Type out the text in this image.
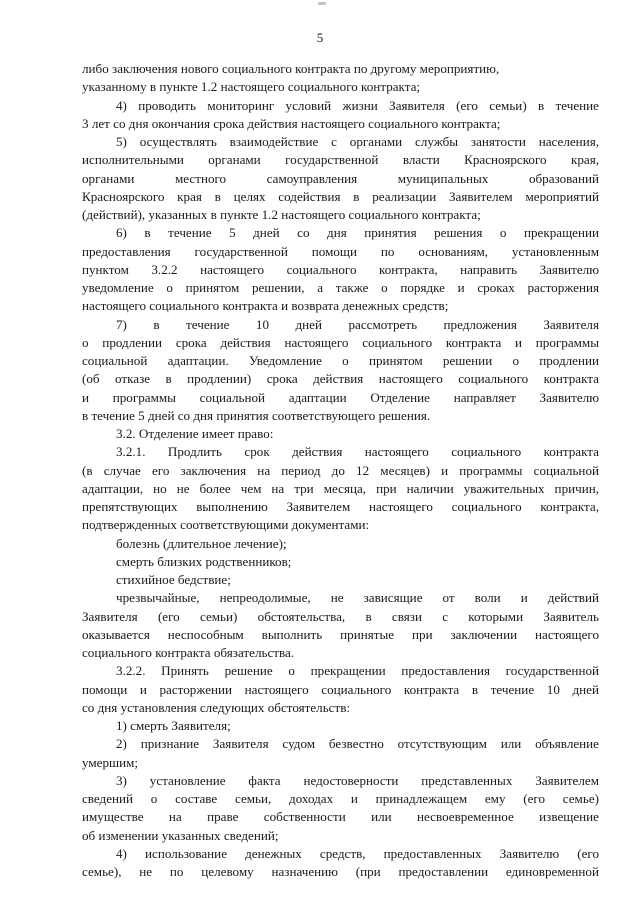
5
либо заключения нового социального контракта по другому мероприятию,
указанному в пункте 1.2 настоящего социального контракта;
4) проводить мониторинг условий жизни Заявителя (его семьи) в течение
3 лет со дня окончания срока действия настоящего социального контракта;
5) осуществлять взаимодействие с органами службы занятости населения,
исполнительными органами государственной власти Красноярского края,
органами местного самоуправления муниципальных образований
Красноярского края в целях содействия в реализации Заявителем мероприятий
(действий), указанных в пункте 1.2 настоящего социального контракта;
6) в течение 5 дней со дня принятия решения о прекращении
предоставления государственной помощи по основаниям, установленным
пунктом 3.2.2 настоящего социального контракта, направить Заявителю
уведомление о принятом решении, а также о порядке и сроках расторжения
настоящего социального контракта и возврата денежных средств;
7) в течение 10 дней рассмотреть предложения Заявителя
о продлении срока действия настоящего социального контракта и программы
социальной адаптации. Уведомление о принятом решении о продлении
(об отказе в продлении) срока действия настоящего социального контракта
и программы социальной адаптации Отделение направляет Заявителю
в течение 5 дней со дня принятия соответствующего решения.
3.2. Отделение имеет право:
3.2.1. Продлить срок действия настоящего социального контракта
(в случае его заключения на период до 12 месяцев) и программы социальной
адаптации, но не более чем на три месяца, при наличии уважительных причин,
препятствующих выполнению Заявителем настоящего социального контракта,
подтвержденных соответствующими документами:
болезнь (длительное лечение);
смерть близких родственников;
стихийное бедствие;
чрезвычайные, непреодолимые, не зависящие от воли и действий
Заявителя (его семьи) обстоятельства, в связи с которыми Заявитель
оказывается неспособным выполнить принятые при заключении настоящего
социального контракта обязательства.
3.2.2. Принять решение о прекращении предоставления государственной
помощи и расторжении настоящего социального контракта в течение 10 дней
со дня установления следующих обстоятельств:
1) смерть Заявителя;
2) признание Заявителя судом безвестно отсутствующим или объявление
умершим;
3) установление факта недостоверности представленных Заявителем
сведений о составе семьи, доходах и принадлежащем ему (его семье)
имуществе на праве собственности или несвоевременное извещение
об изменении указанных сведений;
4) использование денежных средств, предоставленных Заявителю (его
семье), не по целевому назначению (при предоставлении единовременной
